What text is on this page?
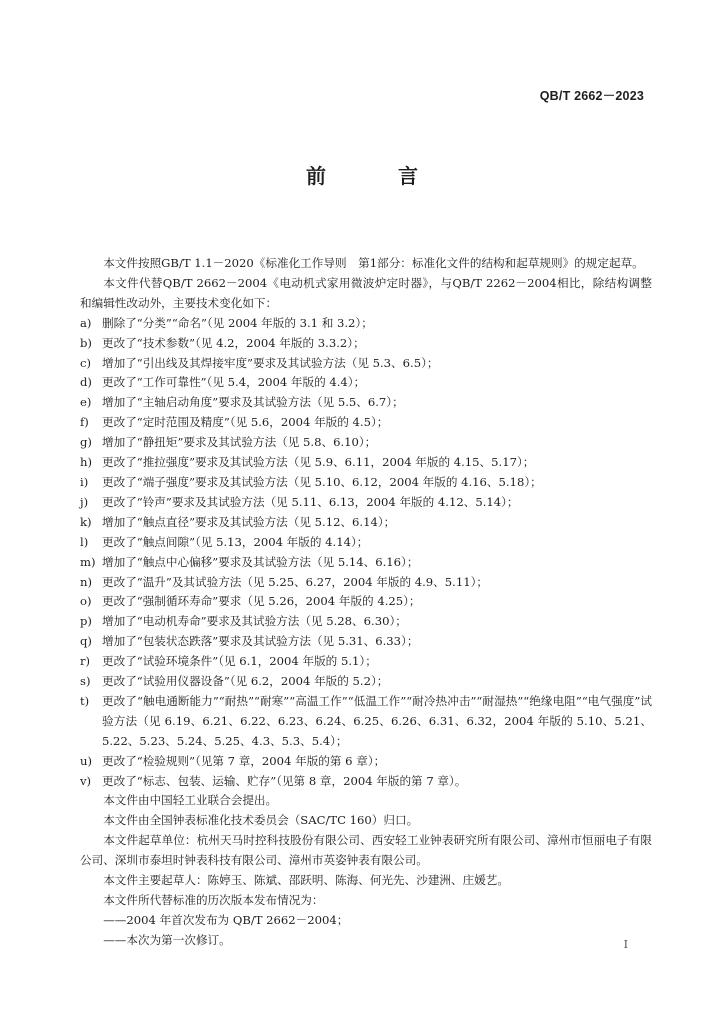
QB/T 2662－2023
前　言

本文件按照GB/T 1.1－2020《标准化工作导则　第1部分：标准化文件的结构和起草规则》的规定起草。

本文件代替QB/T 2662－2004《电动机式家用微波炉定时器》，与QB/T 2262－2004相比，除结构调整和编辑性改动外，主要技术变化如下：

a) 删除了“分类”“命名”（见 2004 年版的 3.1 和 3.2）；
b) 更改了“技术参数”（见 4.2，2004 年版的 3.3.2）；
c) 增加了“引出线及其焊接牢度”要求及其试验方法（见 5.3、6.5）；
d) 更改了“工作可靠性”（见 5.4，2004 年版的 4.4）；
e) 增加了“主轴启动角度”要求及其试验方法（见 5.5、6.7）；
f)	更改了“定时范围及精度”（见 5.6，2004 年版的 4.5）；
g) 增加了“静扭矩”要求及其试验方法（见 5.8、6.10）；
h) 更改了“推拉强度”要求及其试验方法（见 5.9、6.11，2004 年版的 4.15、5.17）；
i)	更改了“端子强度”要求及其试验方法（见 5.10、6.12，2004 年版的 4.16、5.18）；
j)	更改了“铃声”要求及其试验方法（见 5.11、6.13，2004 年版的 4.12、5.14）；
k) 增加了“触点直径”要求及其试验方法（见 5.12、6.14）；
l)	更改了“触点间隙”（见 5.13，2004 年版的 4.14）；
m) 增加了“触点中心偏移”要求及其试验方法（见 5.14、6.16）；
n) 更改了“温升”及其试验方法（见 5.25、6.27，2004 年版的 4.9、5.11）；
o) 更改了“强制循环寿命”要求（见 5.26，2004 年版的 4.25）；
p) 增加了“电动机寿命”要求及其试验方法（见 5.28、6.30）；
q) 增加了“包装状态跌落”要求及其试验方法（见 5.31、6.33）；
r)	更改了“试验环境条件”（见 6.1，2004 年版的 5.1）；
s) 更改了“试验用仪器设备”（见 6.2，2004 年版的 5.2）；
t)	更改了“触电通断能力”“耐热”“耐寒”“高温工作”“低温工作”“耐冷热冲击”“耐湿热”“绝缘电阻”“电气强度”试验方法（见 6.19、6.21、6.22、6.23、6.24、6.25、6.26、6.31、6.32，2004 年版的 5.10、5.21、5.22、5.23、5.24、5.25、4.3、5.3、5.4）；
u) 更改了“检验规则”（见第 7 章，2004 年版的第 6 章）；
v) 更改了“标志、包装、运输、贮存”（见第 8 章，2004 年版的第 7 章）。

本文件由中国轻工业联合会提出。

本文件由全国钟表标准化技术委员会（SAC/TC 160）归口。

本文件起草单位：杭州天马时控科技股份有限公司、西安轻工业钟表研究所有限公司、漳州市恒丽电子有限公司、深圳市泰坦时钟表科技有限公司、漳州市英姿钟表有限公司。

本文件主要起草人：陈婷玉、陈斌、邵跃明、陈海、何光先、沙建洲、庄媛艺。

本文件所代替标准的历次版本发布情况为：

——2004 年首次发布为 QB/T 2662－2004；

——本次为第一次修订。	I
